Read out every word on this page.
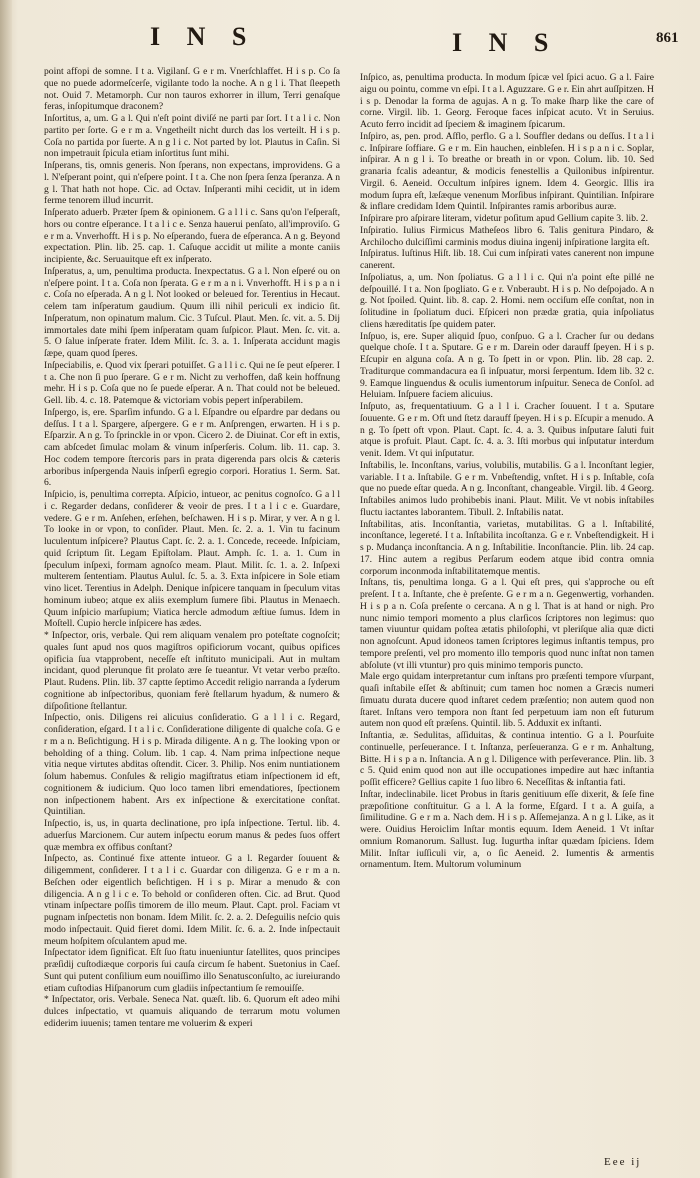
I N S	I N S	861

point affopi de somne. I t a. Vigilanſ. G e r m. Vnerſchlaffet. H i s p. Co ſa que no puede adormeſcerſe, vigilante todo la noche. A n g l i. That ſleepeth not. Ouid 7. Metamorph. Cur non tauros exhorrer in illum, Terri genaſque feras, inſopitumque draconem?

Inſortitus, a, um. G a l. Qui n'eſt point diviſé ne parti par ſort. I t a l i c. Non partito per ſorte. G e r m a. Vngetheilt nicht durch das los verteilt. H i s p. Coſa no partida por ſuerte. A n g l i c. Not parted by lot. Plautus in Caſin. Si non impetrauit ſpicula etiam inſortitus ſunt mihi.

Inſperans, tis, omnis generis. Non ſperans, non expectans, improvidens. G a l. N'eſperant point, qui n'eſpere point. I t a. Che non ſpera ſenza ſperanza. A n g l. That hath not hope. Cic. ad Octav. Inſperanti mihi cecidit, ut in idem ferme tenorem illud incurrit.

Inſperato aduerb. Præter ſpem & opinionem. G a l l i c. Sans qu'on l'eſperaſt, hors ou contre eſperance. I t a l i c e. Senza hauerui penſato, all'improviſo. G e r m a. Vnverhofft. H i s p. No eſperando, fuera de eſperanca. A n g. Beyond expectation. Plin. lib. 25. cap. 1. Caſuque accidit ut milite a monte caniis incipiente, &c. Seruauitque eft ex inſperato.

Inſperatus, a, um, penultima producta. Inexpectatus. G a l. Non eſperé ou on n'eſpere point. I t a. Coſa non ſperata. G e r m a n i. Vnverhofft. H i s p a n i c. Coſa no eſperada. A n g l. Not looked or beleued for. Terentius in Hecaut. celem tam inſperatum gaudium. Quum illi nihil periculi ex indicio ſit. Inſperatum, non opinatum malum. Cic. 3 Tuſcul. Plaut. Men. ſc. vit. a. 5. Dij immortales date mihi ſpem inſperatam quam ſuſpicor. Plaut. Men. ſc. vit. a. 5. O ſalue inſperate frater. Idem Milit. ſc. 3. a. 1. Inſperata accidunt magis ſæpe, quam quod ſperes.

Inſpeciabilis, e. Quod vix ſperari potuiſſet. G a l l i c. Qui ne ſe peut eſperer. I t a. Che non ſi puo ſperare. G e r m. Nicht zu verhoffen, daß kein hoffnung mehr. H i s p. Coſa que no ſe puede eſperar. A n. That could not be beleued. Gell. lib. 4. c. 18. Patemque & victoriam vobis pepert inſperabilem.

Inſpergo, is, ere. Sparſim infundo. G a l. Eſpandre ou eſpardre par dedans ou deſſus. I t a l. Spargere, aſpergere. G e r m. Anſprengen, erwarten. H i s p. Eſparzir. A n g. To ſprinckle in or vpon. Cicero 2. de Diuinat. Cor eft in extis, cam abſcedet ſimulac molam & vinum inſperſeris. Colum. lib. 11. cap. 3. Hoc codem tempore ſtercoris pars in prata digerenda pars olcis & cæteris arboribus inſpergenda Nauis inſperſi egregio corpori. Horatius 1. Serm. Sat. 6.

Inſpicio, is, penultima correpta. Aſpicio, intueor, ac penitus cognoſco. G a l l i c. Regarder dedans, conſiderer & veoir de pres. I t a l i c e. Guardare, vedere. G e r m. Anſehen, erſehen, beſchawen. H i s p. Mirar, y ver. A n g l. To looke in or vpon, to conſider. Plaut. Men. ſc. 2. a. 1. Vin tu facinum luculentum inſpicere? Plautus Capt. ſc. 2. a. 1. Concede, receede. Inſpiciam, quid ſcriptum ſit. Legam Epiſtolam. Plaut. Amph. ſc. 1. a. 1. Cum in ſpeculum inſpexi, formam agnoſco meam. Plaut. Milit. ſc. 1. a. 2. Inſpexi multerem ſententiam. Plautus Aulul. ſc. 5. a. 3. Exta inſpicere in Sole etiam vino licet. Terentius in Adelph. Denique inſpicere tanquam in ſpeculum vitas hominum iubeo; atque ex aliis exemplum ſumere ſibi. Plautus in Menaech. Quum inſpicio marſupium; Viatica hercle admodum æſtiue ſumus. Idem in Moſtell. Cupio hercle inſpicere has ædes.

* Inſpector, oris, verbale. Qui rem aliquam venalem pro poteſtate cognoſcit; quales ſunt apud nos quos magiſtros opificiorum vocant, quibus opifices opificia ſua vtapprobent, neceſſe eſt inſtituto municipali. Aut in multam incidant, quod plerunque fit prolato ære ſe tueantur. Vt vetar verbo præſto. Plaut. Rudens. Plin. lib. 37 captte ſeptimo Accedit religio narranda a ſyderum cognitione ab inſpectoribus, quoniam ferè ſtellarum hyadum, & numero & diſpoſitione ſtellantur.

Inſpectio, onis. Diligens rei alicuius conſideratio. G a l l i c. Regard, conſideration, eſgard. I t a l i c. Conſideratione diligente di qualche coſa. G e r m a n. Beſichtigung. H i s p. Mirada diligente. A n g. The looking vpon or beholding of a thing. Colum. lib. 1 cap. 4. Nam prima inſpectione neque vitia neque virtutes abditas oſtendit. Cicer. 3. Philip. Nos enim nuntiationem ſolum habemus. Conſules & religio magiſtratus etiam inſpectionem id eft, cognitionem & iudicium. Quo loco tamen libri emendatiores, ſpectionem non inſpectionem habent. Ars ex inſpectione & exercitatione conſtat. Quintilian.

Inſpectio, is, us, in quarta declinatione, pro ipſa inſpectione. Tertul. lib. 4. aduerſus Marcionem. Cur autem inſpectu eorum manus & pedes ſuos offert quæ membra ex offibus conſtant?

Inſpecto, as. Continué fixe attente intueor. G a l. Regarder ſouuent & diligemment, conſiderer. I t a l i c. Guardar con diligenza. G e r m a n. Beſchen oder eigentlich beſichtigen. H i s p. Mirar a menudo & con diligencia. A n g l i c e. To behold or conſideren often. Cic. ad Brut. Quod vtinam inſpectare poſſis timorem de illo meum. Plaut. Capt. prol. Faciam vt pugnam inſpectetis non bonam. Idem Milit. ſc. 2. a. 2. Deſeguilis neſcio quis modo inſpectauit. Quid fieret domi. Idem Milit. ſc. 6. a. 2. Inde inſpectauit meum hoſpitem oſculantem apud me.

Inſpectator idem ſignificat. Eſt ſuo ſtatu inueniuntur ſatellites, quos principes præſidij cuſtodiæque corporis ſui cauſa circum ſe habent. Suetonius in Caeſ. Sunt qui putent conſilium eum nouiſſimo illo Senatusconſulto, ac iureiurando etiam cuſtodias Hiſpanorum cum gladiis inſpectantium ſe remouiſſe.

* Inſpectator, oris. Verbale. Seneca Nat. quæſt. lib. 6. Quorum eſt adeo mihi dulces inſpectatio, vt quamuis aliquando de terrarum motu volumen ediderim iuuenis; tamen tentare me voluerim & experi

Inſpico, as, penultima producta. In modum ſpicæ vel ſpici acuo. G a l. Faire aigu ou pointu, comme vn eſpi. I t a l. Aguzzare. G e r. Ein ahrt auſſpitzen. H i s p. Denodar la forma de agujas. A n g. To make ſharp like the care of corne. Virgil. lib. 1. Georg. Feroque faces inſpicat acuto. Vt in Seruius. Acuto ferro incidit ad ſpeciem & imaginem ſpicarum.

Inſpiro, as, pen. prod. Aſflo, perflo. G a l. Souffler dedans ou deſſus. I t a l i c. Inſpirare ſoffiare. G e r m. Ein hauchen, einbleſen. H i s p a n i c. Soplar, inſpirar. A n g l i. To breathe or breath in or vpon. Colum. lib. 10. Sed granaria fcalis adeantur, & modicis fenestellis a Quilonibus inſpirentur. Virgil. 6. Aeneid. Occultum inſpires ignem. Idem 4. Georgic. Illis ira modum ſupra eſt, læſæque venenum Morſibus inſpirant. Quintilian. Inſpirare & inflare credidam Idem Quintil. Inſpirantes ramis arboribus auræ.

Inſpirare pro aſpirare literam, videtur poſitum apud Gellium capite 3. lib. 2.

Inſpiratio. Iulius Firmicus Matheſeos libro 6. Talis genitura Pindaro, & Archilocho dulciſſimi carminis modus diuina ingenij inſpiratione largita eſt.

Inſpiratus. Iuſtinus Hiſt. lib. 18. Cui cum inſpirati vates canerent non impune canerent.

Inſpoliatus, a, um. Non ſpoliatus. G a l l i c. Qui n'a point eſte pillé ne deſpouillé. I t a. Non ſpogliato. G e r. Vnberaubt. H i s p. No deſpojado. A n g. Not ſpoiled. Quint. lib. 8. cap. 2. Homi. nem occiſum eſſe conſtat, non in ſolitudine in ſpoliatum duci. Eſpiceri non prædæ gratia, quia inſpoliatus cliens hæreditatis ſpe quidem pater.

Inſpuo, is, ere. Super aliquid ſpuo, conſpuo. G a l. Cracher ſur ou dedans quelque choſe. I t a. Sputare. G e r m. Darein oder darauff ſpeyen. H i s p. Eſcupir en alguna coſa. A n g. To ſpett in or vpon. Plin. lib. 28 cap. 2. Traditurque commandacura ea ſi inſpuatur, morsi ſerpentum. Idem lib. 32 c. 9. Eamque linguendus & oculis iumentorum inſpuitur. Seneca de Conſol. ad Heluiam. Inſpuere faciem alicuius.

Inſputo, as, frequentatiuum. G a l l i. Cracher ſouuent. I t a. Sputare ſouuente. G e r m. Oft und ſtetz darauff ſpeyen. H i s p. Eſcupir a menudo. A n g. To ſpett oft vpon. Plaut. Capt. ſc. 4. a. 3. Quibus inſputare ſaluti fuit atque is profuit. Plaut. Capt. ſc. 4. a. 3. Iſti morbus qui inſputatur interdum venit. Idem. Vt qui inſputatur.

Inſtabilis, le. Inconſtans, varius, volubilis, mutabilis. G a l. Inconſtant legier, variable. I t a. Inſtabile. G e r m. Vnbeſtendig, vnſtet. H i s p. Inſtable, coſa que no puede eſtar queda. A n g. Inconſtant, changeable. Virgil. lib. 4 Georg. Inſtabiles animos ludo prohibebis inani. Plaut. Milit. Ve vt nobis inſtabiles fluctu iactantes laborantem. Tibull. 2. Inſtabilis natat.

Inſtabilitas, atis. Inconſtantia, varietas, mutabilitas. G a l. Inſtabilité, inconſtance, legereté. I t a. Inſtabilita incoſtanza. G e r. Vnbeſtendigkeit. H i s p. Mudança inconſtancia. A n g. Inſtabilitie. Inconſtancie. Plin. lib. 24 cap. 17. Hinc autem a regibus Perſarum eodem atque ibid contra omnia corporum inconmoda inſtabilitatemque mentis.

Inſtans, tis, penultima longa. G a l. Qui eſt pres, qui s'approche ou eſt preſent. I t a. Inſtante, che è preſente. G e r m a n. Gegenwertig, vorhanden. H i s p a n. Coſa preſente o cercana. A n g l. That is at hand or nigh. Pro nunc nimio tempori momento a plus clarſicos ſcriptores non legimus: quo tamen viuuntur quidam poſtea ætatis philoſophi, vt pleriſque alia quæ dicti non agnoſcunt. Apud idoneos tamen ſcriptores legimus inſtantis tempus, pro tempore preſenti, vel pro momento illo temporis quod nunc inſtat non tamen abſolute (vt illi vtuntur) pro quis minimo temporis puncto.

Male ergo quidam interpretantur cum inſtans pro præſenti tempore vſurpant, quaſi inſtabile eſſet & abſtinuit; cum tamen hoc nomen a Græcis numeri ſimuatu durata ducere quod inſtaret cedem præſentio; non autem quod non ſtaret. Inſtans vero tempora non ſtant ſed perpetuum iam non eſt futurum autem non quod eſt præſens. Quintil. lib. 5. Adduxit ex inſtanti.

Inſtantia, æ. Sedulitas, aſſiduitas, & continua intentio. G a l. Pourſuite continuelle, perſeuerance. I t. Inſtanza, perſeueranza. G e r m. Anhaltung, Bitte. H i s p a n. Inſtancia. A n g l. Diligence with perſeverance. Plin. lib. 3 c 5. Quid enim quod non aut ille occupationes impedire aut hæc inſtantia poſſit efficere? Gellius capite 1 ſuo libro 6. Neceſſitas & inſtantia fati.

Inſtar, indeclinabile. licet Probus in ſtaris genitiuum eſſe dixerit, & ſeſe fine præpoſitione conſtituitur. G a l. A la forme, Eſgard. I t a. A guiſa, a ſimilitudine. G e r m a. Nach dem. H i s p. Aſſemejanza. A n g l. Like, as it were. Ouidius Heroiclim Inſtar montis equum. Idem Aeneid. 1 Vt inſtar omnium Romanorum. Sallust. Iug. Iugurtha inſtar quædam ſpiciens. Idem Milit. Inſtar iuſſiculi vir, a, o ſic Aeneid. 2. Iumentis & armentis ornamentum. Item. Multorum voluminum

Eee ij
